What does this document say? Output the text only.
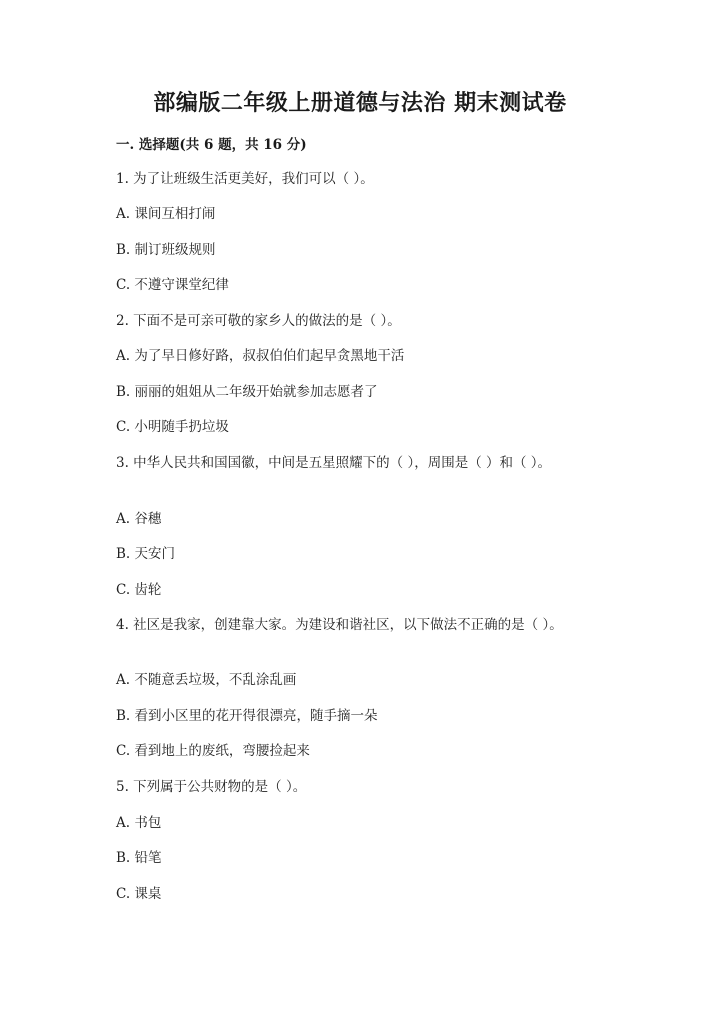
部编版二年级上册道德与法治 期末测试卷
一. 选择题(共 6 题，共 16 分)
1. 为了让班级生活更美好，我们可以（ ）。
A. 课间互相打闹
B. 制订班级规则
C. 不遵守课堂纪律
2. 下面不是可亲可敬的家乡人的做法的是（ ）。
A. 为了早日修好路，叔叔伯伯们起早贪黑地干活
B. 丽丽的姐姐从二年级开始就参加志愿者了
C. 小明随手扔垃圾
3. 中华人民共和国国徽，中间是五星照耀下的（ ），周围是（ ）和（ ）。
A. 谷穗
B. 天安门
C. 齿轮
4. 社区是我家，创建靠大家。为建设和谐社区，以下做法不正确的是（ ）。
A. 不随意丢垃圾，不乱涂乱画
B. 看到小区里的花开得很漂亮，随手摘一朵
C. 看到地上的废纸，弯腰捡起来
5. 下列属于公共财物的是（ ）。
A. 书包
B. 铅笔
C. 课桌
